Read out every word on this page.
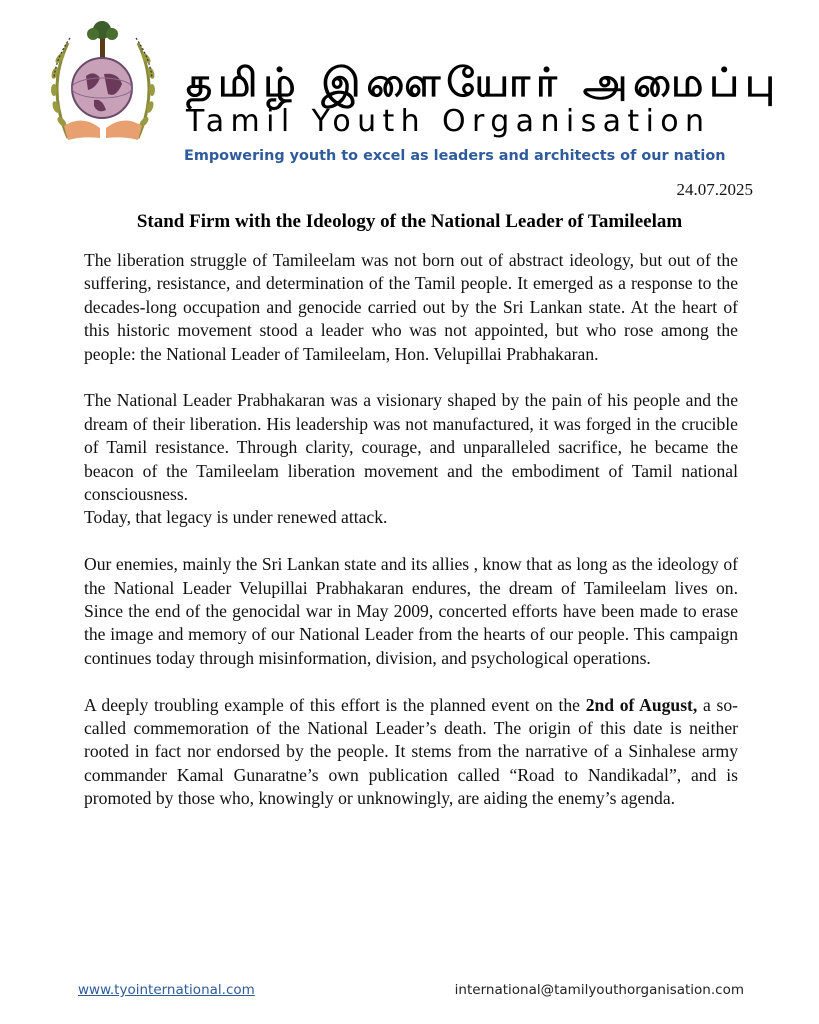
தமிழ் இளையோர் அமைப்பு
Tamil Youth Organisation
Empowering youth to excel as leaders and architects of our nation
24.07.2025
Stand Firm with the Ideology of the National Leader of Tamileelam

The liberation struggle of Tamileelam was not born out of abstract ideology, but out of the suffering, resistance, and determination of the Tamil people. It emerged as a response to the decades-long occupation and genocide carried out by the Sri Lankan state. At the heart of this historic movement stood a leader who was not appointed, but who rose among the people: the National Leader of Tamileelam, Hon. Velupillai Prabhakaran.

The National Leader Prabhakaran was a visionary shaped by the pain of his people and the dream of their liberation. His leadership was not manufactured, it was forged in the crucible of Tamil resistance. Through clarity, courage, and unparalleled sacrifice, he became the beacon of the Tamileelam liberation movement and the embodiment of Tamil national consciousness.

Today, that legacy is under renewed attack.

Our enemies, mainly the Sri Lankan state and its allies , know that as long as the ideology of the National Leader Velupillai Prabhakaran endures, the dream of Tamileelam lives on. Since the end of the genocidal war in May 2009, concerted efforts have been made to erase the image and memory of our National Leader from the hearts of our people. This campaign continues today through misinformation, division, and psychological operations.

A deeply troubling example of this effort is the planned event on the 2nd of August, a so-called commemoration of the National Leader’s death. The origin of this date is neither rooted in fact nor endorsed by the people. It stems from the narrative of a Sinhalese army commander Kamal Gunaratne’s own publication called “Road to Nandikadal”, and is promoted by those who, knowingly or unknowingly, are aiding the enemy’s agenda.

www.tyointernational.com	international@tamilyouthorganisation.com
